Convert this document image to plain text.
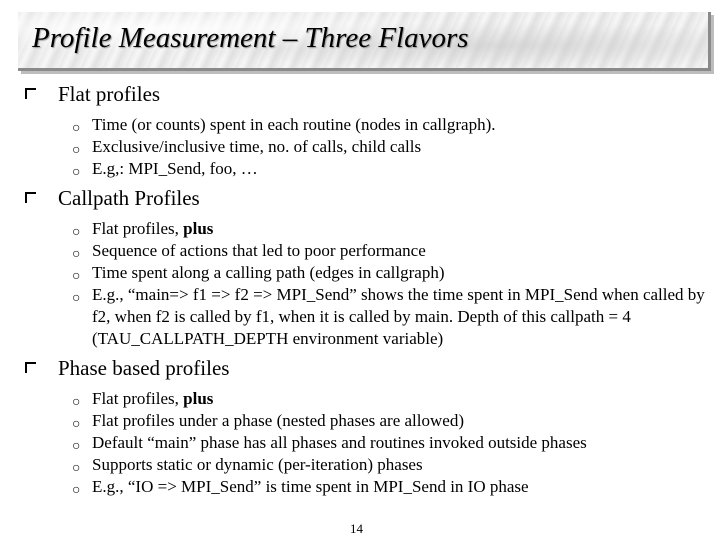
Profile Measurement – Three Flavors
Flat profiles
○ Time (or counts) spent in each routine (nodes in callgraph).
○ Exclusive/inclusive time, no. of calls, child calls
○ E.g,: MPI_Send, foo, …
Callpath Profiles
○ Flat profiles, plus
○ Sequence of actions that led to poor performance
○ Time spent along a calling path (edges in callgraph)
○ E.g., “main=> f1 => f2 => MPI_Send” shows the time spent in MPI_Send when called by f2, when f2 is called by f1, when it is called by main. Depth of this callpath = 4 (TAU_CALLPATH_DEPTH environment variable)
Phase based profiles
○ Flat profiles, plus
○ Flat profiles under a phase (nested phases are allowed)
○ Default “main” phase has all phases and routines invoked outside phases
○ Supports static or dynamic (per-iteration) phases
○ E.g., “IO => MPI_Send” is time spent in MPI_Send in IO phase
14
